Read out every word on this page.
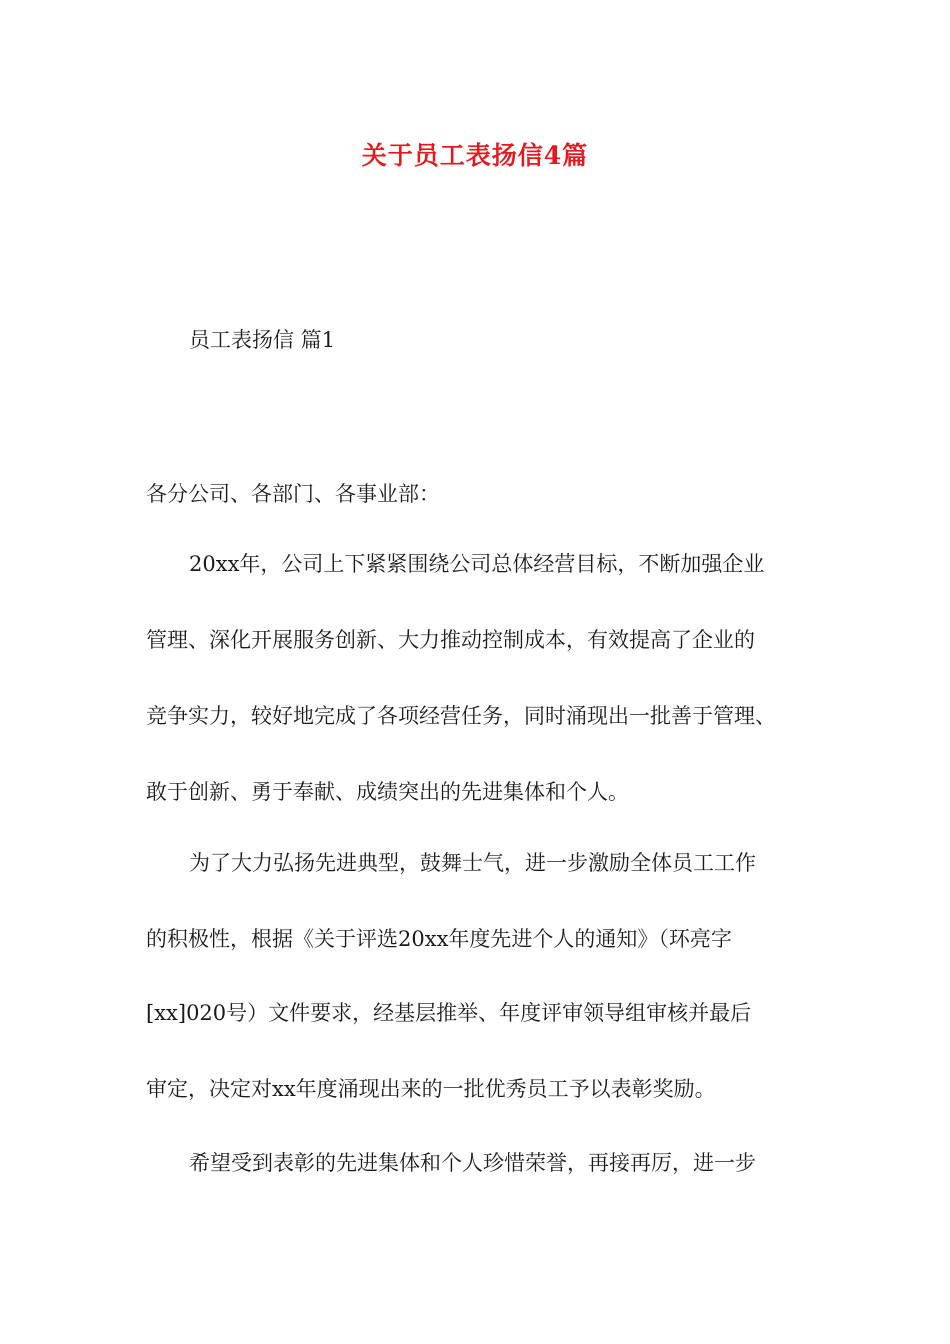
关于员工表扬信4篇
员工表扬信 篇1
各分公司、各部门、各事业部：
20xx年，公司上下紧紧围绕公司总体经营目标，不断加强企业
管理、深化开展服务创新、大力推动控制成本，有效提高了企业的
竞争实力，较好地完成了各项经营任务，同时涌现出一批善于管理、
敢于创新、勇于奉献、成绩突出的先进集体和个人。
为了大力弘扬先进典型，鼓舞士气，进一步激励全体员工工作
的积极性，根据《关于评选20xx年度先进个人的通知》（环亮字
[xx]020号）文件要求，经基层推举、年度评审领导组审核并最后
审定，决定对xx年度涌现出来的一批优秀员工予以表彰奖励。
希望受到表彰的先进集体和个人珍惜荣誉，再接再厉，进一步
